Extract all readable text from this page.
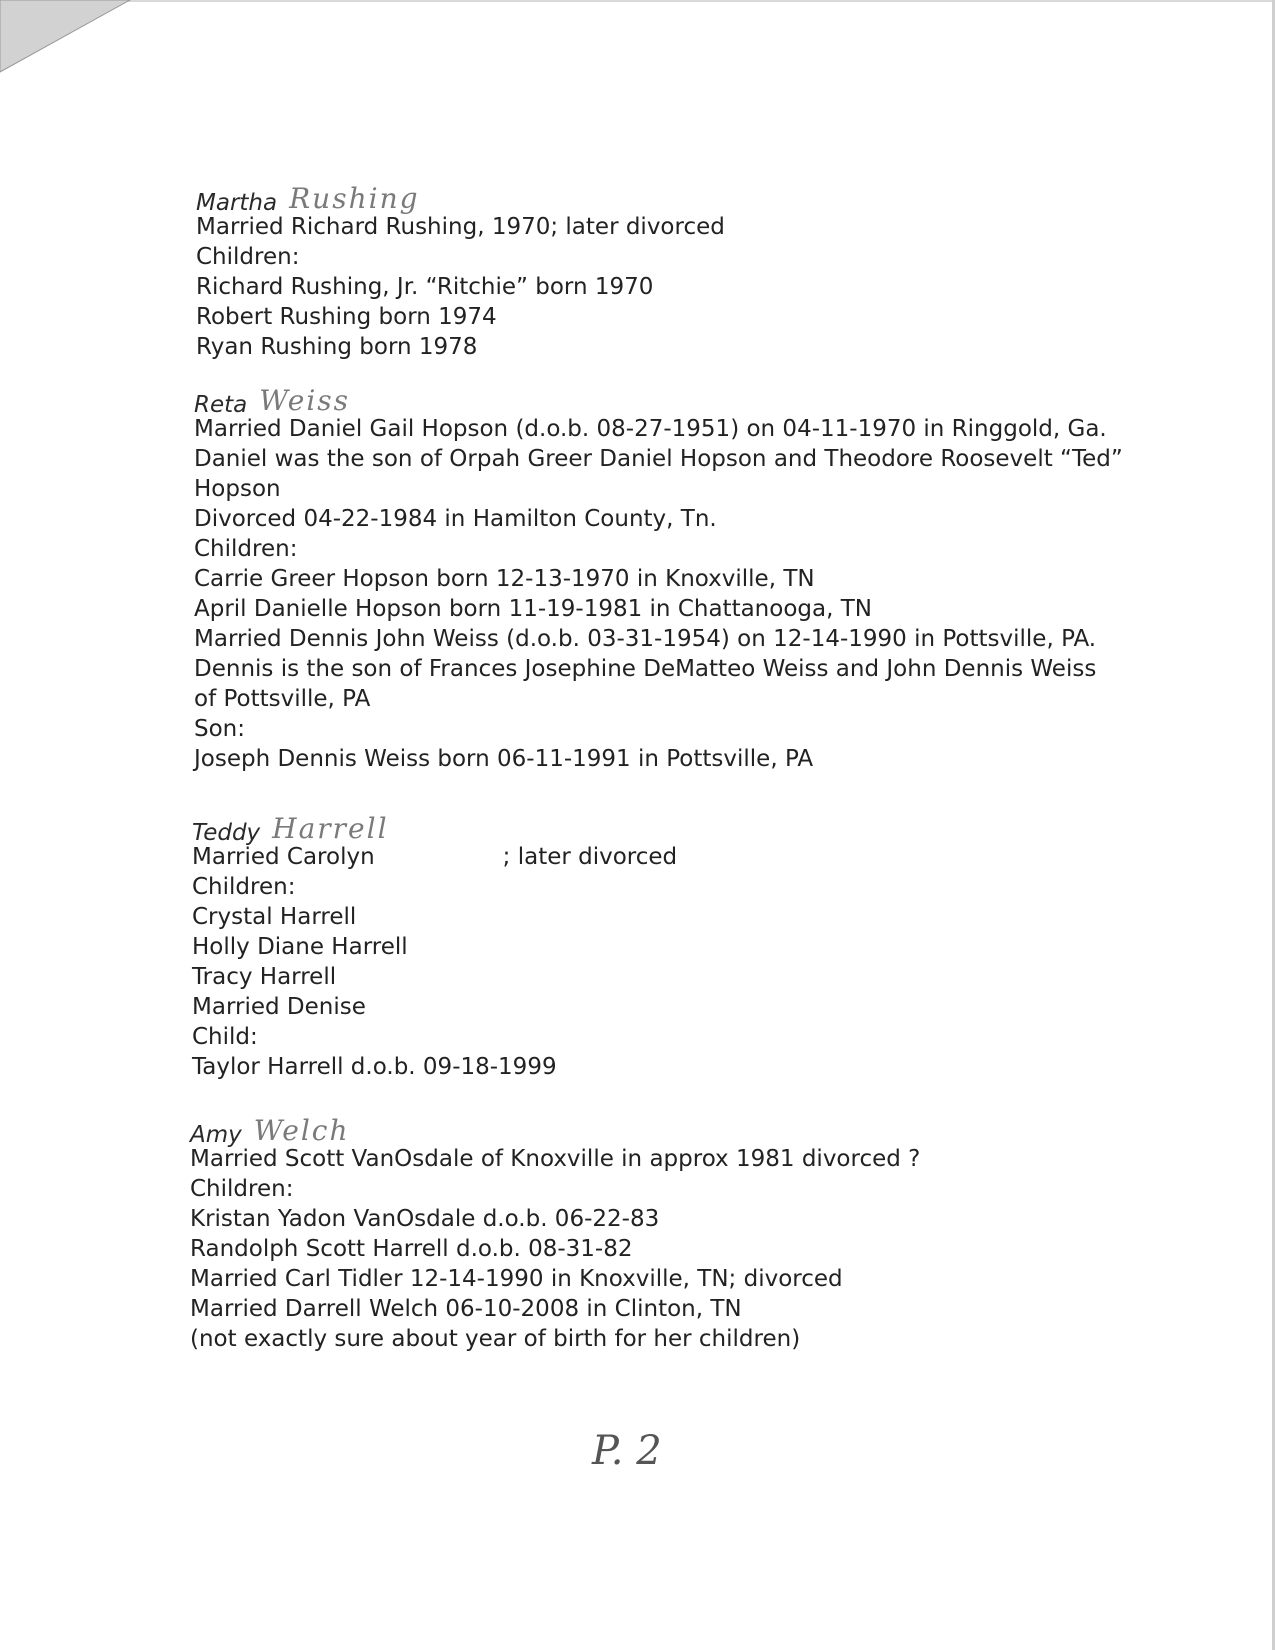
Martha Rushing
Married Richard Rushing, 1970; later divorced
Children:
Richard Rushing, Jr. “Ritchie” born 1970
Robert Rushing born 1974
Ryan Rushing born 1978
Reta Weiss
Married Daniel Gail Hopson (d.o.b. 08-27-1951) on 04-11-1970 in Ringgold, Ga.
Daniel was the son of Orpah Greer Daniel Hopson and Theodore Roosevelt “Ted”
Hopson
Divorced 04-22-1984 in Hamilton County, Tn.
Children:
Carrie Greer Hopson born 12-13-1970 in Knoxville, TN
April Danielle Hopson born 11-19-1981 in Chattanooga, TN
Married Dennis John Weiss (d.o.b. 03-31-1954) on 12-14-1990 in Pottsville, PA.
Dennis is the son of Frances Josephine DeMatteo Weiss and John Dennis Weiss
of Pottsville, PA
Son:
Joseph Dennis Weiss born 06-11-1991 in Pottsville, PA
Teddy Harrell
Married Carolyn	; later divorced
Children:
Crystal Harrell
Holly Diane Harrell
Tracy Harrell
Married Denise
Child:
Taylor Harrell d.o.b. 09-18-1999
Amy Welch
Married Scott VanOsdale of Knoxville in approx 1981 divorced ?
Children:
Kristan Yadon VanOsdale d.o.b. 06-22-83
Randolph Scott Harrell d.o.b. 08-31-82
Married Carl Tidler 12-14-1990 in Knoxville, TN; divorced
Married Darrell Welch 06-10-2008 in Clinton, TN
(not exactly sure about year of birth for her children)
P. 2
